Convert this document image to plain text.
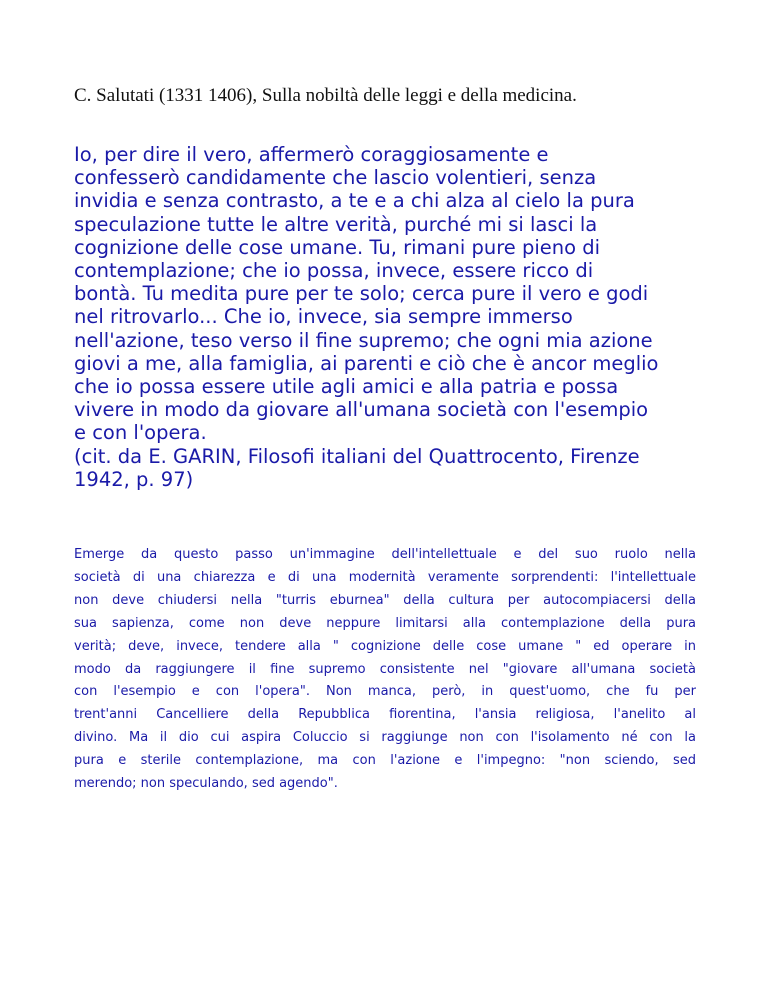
C. Salutati (1331 1406), Sulla nobiltà delle leggi e della medicina.

Io, per dire il vero, affermerò coraggiosamente e
confesserò candidamente che lascio volentieri, senza
invidia e senza contrasto, a te e a chi alza al cielo la pura
speculazione tutte le altre verità, purché mi si lasci la
cognizione delle cose umane. Tu, rimani pure pieno di
contemplazione; che io possa, invece, essere ricco di
bontà. Tu medita pure per te solo; cerca pure il vero e godi
nel ritrovarlo... Che io, invece, sia sempre immerso
nell'azione, teso verso il fine supremo; che ogni mia azione
giovi a me, alla famiglia, ai parenti e ciò che è ancor meglio
che io possa essere utile agli amici e alla patria e possa
vivere in modo da giovare all'umana società con l'esempio
e con l'opera.
(cit. da E. GARIN, Filosofi italiani del Quattrocento, Firenze
1942, p. 97)

Emerge da questo passo un'immagine dell'intellettuale e del suo ruolo nella
società di una chiarezza e di una modernità veramente sorprendenti: l'intellettuale
non deve chiudersi nella "turris eburnea" della cultura per autocompiacersi della
sua sapienza, come non deve neppure limitarsi alla contemplazione della pura
verità; deve, invece, tendere alla " cognizione delle cose umane " ed operare in
modo da raggiungere il fine supremo consistente nel "giovare all'umana società
con l'esempio e con l'opera". Non manca, però, in quest'uomo, che fu per
trent'anni Cancelliere della Repubblica fiorentina, l'ansia religiosa, l'anelito al
divino. Ma il dio cui aspira Coluccio si raggiunge non con l'isolamento né con la
pura e sterile contemplazione, ma con l'azione e l'impegno: "non sciendo, sed
merendo; non speculando, sed agendo".
